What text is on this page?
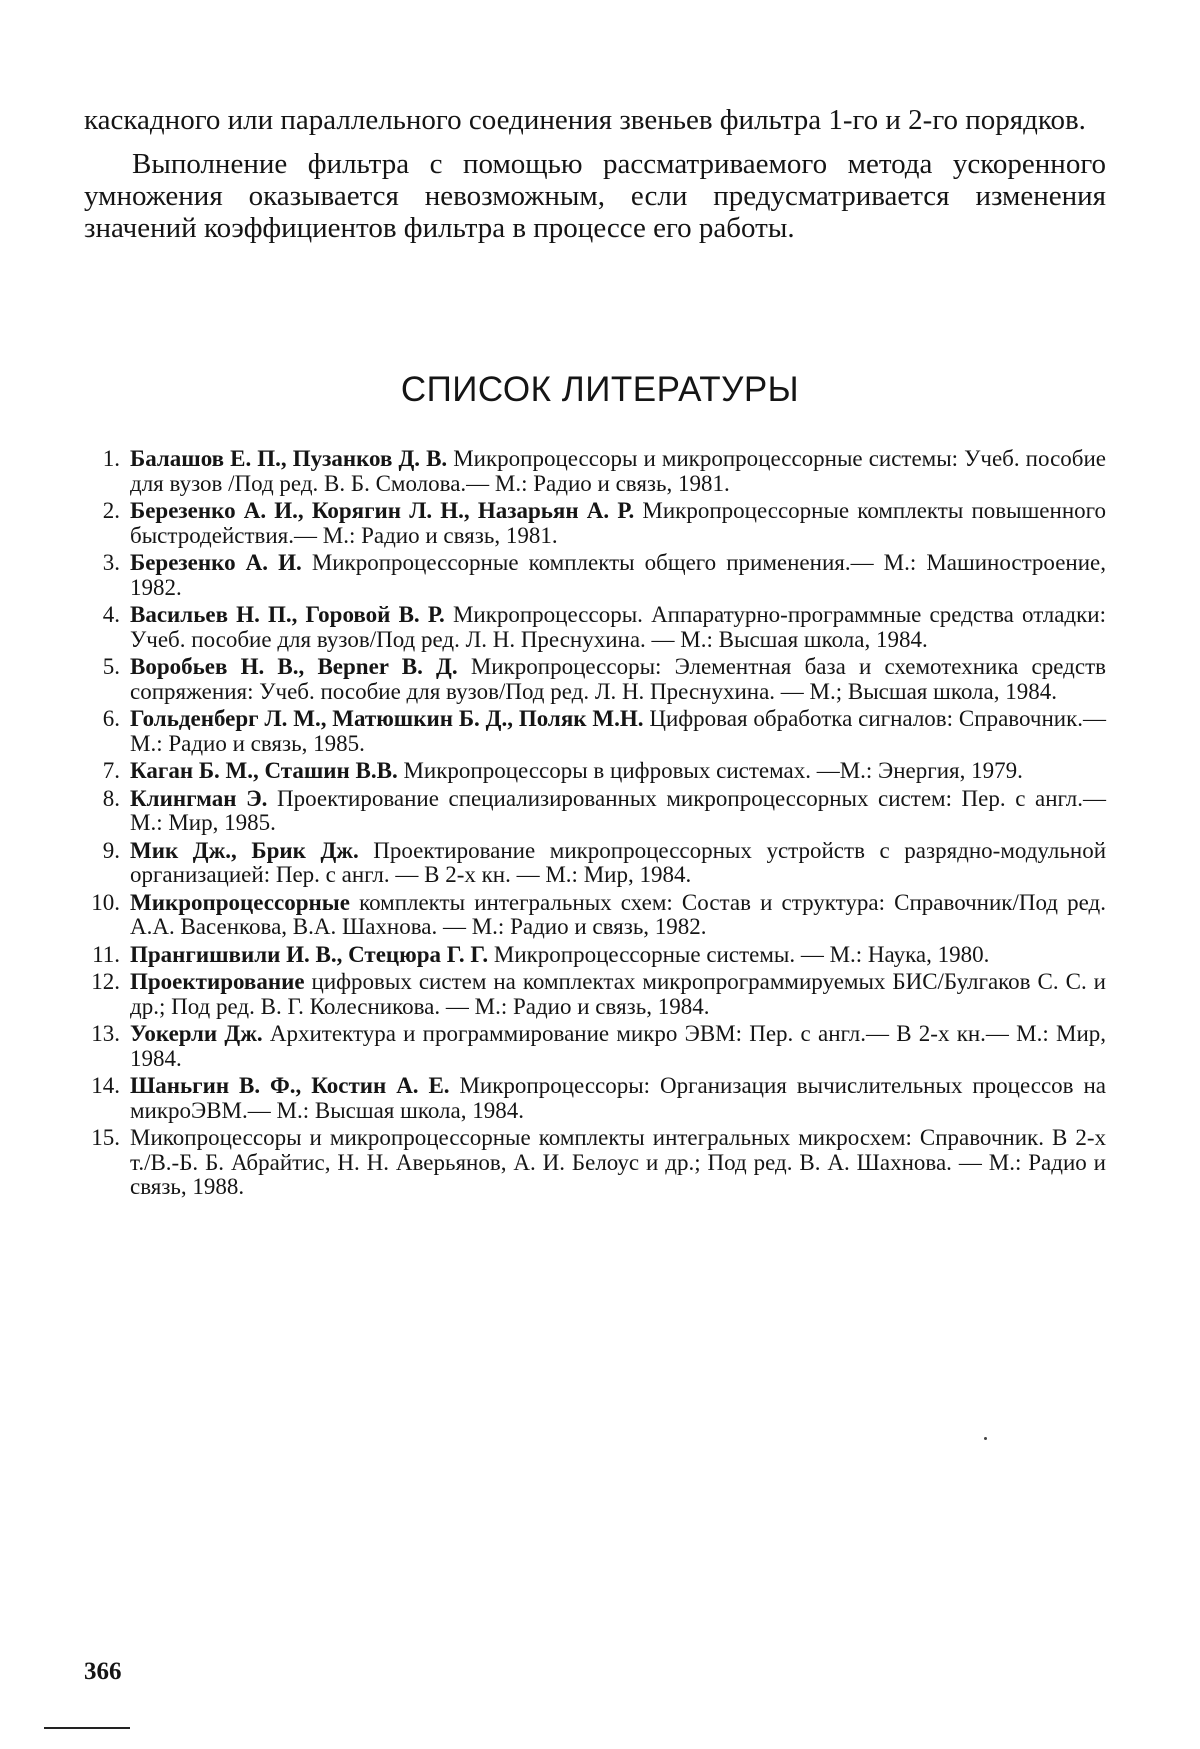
каскадного или параллельного соединения звеньев фильтра 1-го и 2-го порядков.

Выполнение фильтра с помощью рассматриваемого метода ускоренного умножения оказывается невозможным, если предусматривается изменения значений коэффициентов фильтра в процессе его работы.

СПИСОК ЛИТЕРАТУРЫ
1. Балашов Е. П., Пузанков Д. В. Микропроцессоры и микропроцессорные системы: Учеб. пособие для вузов /Под ред. В. Б. Смолова.— М.: Радио и связь, 1981.
2. Березенко А. И., Корягин Л. Н., Назарьян А. Р. Микропроцессорные комплекты повышенного быстродействия.— М.: Радио и связь, 1981.
3. Березенко А. И. Микропроцессорные комплекты общего применения.— М.: Машиностроение, 1982.
4. Васильев Н. П., Горовой В. Р. Микропроцессоры. Аппаратурно-программные средства отладки: Учеб. пособие для вузов/Под ред. Л. Н. Преснухина. — М.: Высшая школа, 1984.
5. Воробьев Н. В., Верner В. Д. Микропроцессоры: Элементная база и схемотехника средств сопряжения: Учеб. пособие для вузов/Под ред. Л. Н. Преснухина. — М.; Высшая школа, 1984.
6. Гольденберг Л. М., Матюшкин Б. Д., Поляк М.Н. Цифровая обработка сигналов: Справочник.— М.: Радио и связь, 1985.
7. Каган Б. М., Сташин В.В. Микропроцессоры в цифровых системах. —М.: Энергия, 1979.
8. Клингман Э. Проектирование специализированных микропроцессорных систем: Пер. с англ.— М.: Мир, 1985.
9. Мик Дж., Брик Дж. Проектирование микропроцессорных устройств с разрядно-модульной организацией: Пер. с англ. — В 2-х кн. — М.: Мир, 1984.
10. Микропроцессорные комплекты интегральных схем: Состав и структура: Справочник/Под ред. А.А. Васенкова, В.А. Шахнова. — М.: Радио и связь, 1982.
11. Прангишвили И. В., Стецюра Г. Г. Микропроцессорные системы. — М.: Наука, 1980.
12. Проектирование цифровых систем на комплектах микропрограммируемых БИС/Булгаков С. С. и др.; Под ред. В. Г. Колесникова. — М.: Радио и связь, 1984.
13. Уокерли Дж. Архитектура и программирование микро ЭВМ: Пер. с англ.— В 2-х кн.— М.: Мир, 1984.
14. Шаньгин В. Ф., Костин А. Е. Микропроцессоры: Организация вычислительных процессов на микроЭВМ.— М.: Высшая школа, 1984.
15. Микопроцессоры и микропроцессорные комплекты интегральных микросхем: Справочник. В 2-х т./В.-Б. Б. Абрайтис, Н. Н. Аверьянов, А. И. Белоус и др.; Под ред. В. А. Шахнова. — М.: Радио и связь, 1988.
366
